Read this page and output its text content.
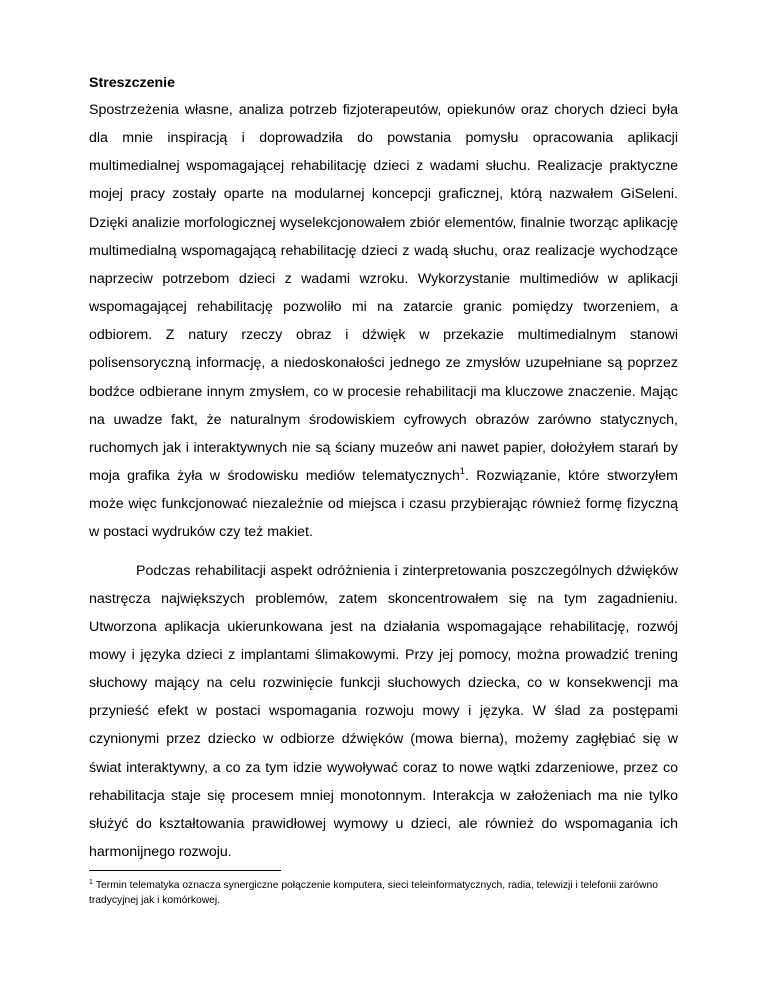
Streszczenie

Spostrzeżenia własne, analiza potrzeb fizjoterapeutów, opiekunów oraz chorych dzieci była dla mnie inspiracją i doprowadziła do powstania pomysłu opracowania aplikacji multimedialnej wspomagającej rehabilitację dzieci z wadami słuchu. Realizacje praktyczne mojej pracy zostały oparte na modularnej koncepcji graficznej, którą nazwałem GiSeleni. Dzięki analizie morfologicznej wyselekcjonowałem zbiór elementów, finalnie tworząc aplikację multimedialną wspomagającą rehabilitację dzieci z wadą słuchu, oraz realizacje wychodzące naprzeciw potrzebom dzieci z wadami wzroku. Wykorzystanie multimediów w aplikacji wspomagającej rehabilitację pozwoliło mi na zatarcie granic pomiędzy tworzeniem, a odbiorem. Z natury rzeczy obraz i dźwięk w przekazie multimedialnym stanowi polisensoryczną informację, a niedoskonałości jednego ze zmysłów uzupełniane są poprzez bodźce odbierane innym zmysłem, co w procesie rehabilitacji ma kluczowe znaczenie. Mając na uwadze fakt, że naturalnym środowiskiem cyfrowych obrazów zarówno statycznych, ruchomych jak i interaktywnych nie są ściany muzeów ani nawet papier, dołożyłem starań by moja grafika żyła w środowisku mediów telematycznych$^1$. Rozwiązanie, które stworzyłem może więc funkcjonować niezależnie od miejsca i czasu przybierając również formę fizyczną w postaci wydruków czy też makiet.

Podczas rehabilitacji aspekt odróżnienia i zinterpretowania poszczególnych dźwięków nastręcza największych problemów, zatem skoncentrowałem się na tym zagadnieniu. Utworzona aplikacja ukierunkowana jest na działania wspomagające rehabilitację, rozwój mowy i języka dzieci z implantami ślimakowymi. Przy jej pomocy, można prowadzić trening słuchowy mający na celu rozwinięcie funkcji słuchowych dziecka, co w konsekwencji ma przynieść efekt w postaci wspomagania rozwoju mowy i języka. W ślad za postępami czynionymi przez dziecko w odbiorze dźwięków (mowa bierna), możemy zagłębiać się w świat interaktywny, a co za tym idzie wywoływać coraz to nowe wątki zdarzeniowe, przez co rehabilitacja staje się procesem mniej monotonnym. Interakcja w założeniach ma nie tylko służyć do kształtowania prawidłowej wymowy u dzieci, ale również do wspomagania ich harmonijnego rozwoju.

$^1$ Termin telematyka oznacza synergiczne połączenie komputera, sieci teleinformatycznych, radia, telewizji i telefonii zarówno tradycyjnej jak i komórkowej.
